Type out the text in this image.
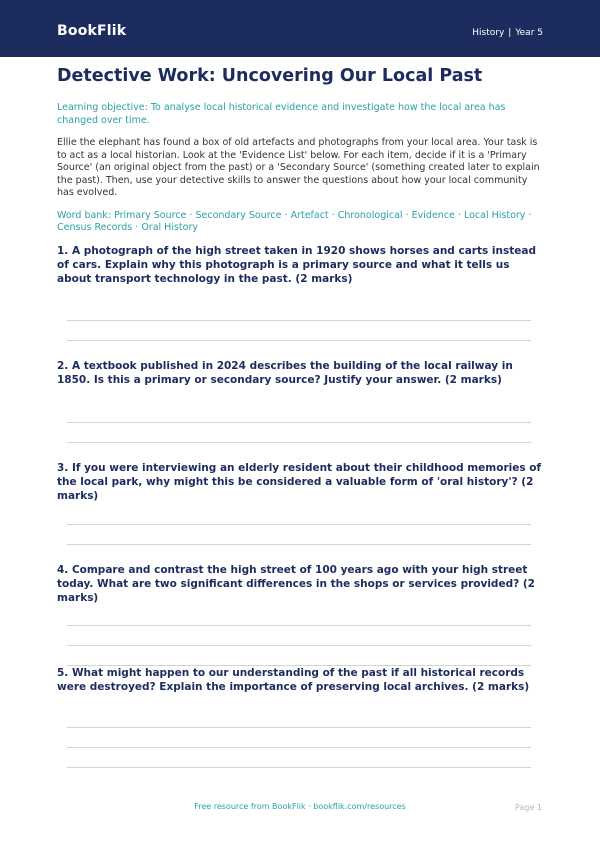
BookFlik	History | Year 5
Detective Work: Uncovering Our Local Past

Learning objective: To analyse local historical evidence and investigate how the local area has changed over time.

Ellie the elephant has found a box of old artefacts and photographs from your local area. Your task is to act as a local historian. Look at the 'Evidence List' below. For each item, decide if it is a 'Primary Source' (an original object from the past) or a 'Secondary Source' (something created later to explain the past). Then, use your detective skills to answer the questions about how your local community has evolved.

Word bank: Primary Source · Secondary Source · Artefact · Chronological · Evidence · Local History · Census Records · Oral History

1. A photograph of the high street taken in 1920 shows horses and carts instead of cars. Explain why this photograph is a primary source and what it tells us about transport technology in the past. (2 marks)

2. A textbook published in 2024 describes the building of the local railway in 1850. Is this a primary or secondary source? Justify your answer. (2 marks)

3. If you were interviewing an elderly resident about their childhood memories of the local park, why might this be considered a valuable form of 'oral history'? (2 marks)

4. Compare and contrast the high street of 100 years ago with your high street today. What are two significant differences in the shops or services provided? (2 marks)

5. What might happen to our understanding of the past if all historical records were destroyed? Explain the importance of preserving local archives. (2 marks)

Free resource from BookFlik · bookflik.com/resources	Page 1
